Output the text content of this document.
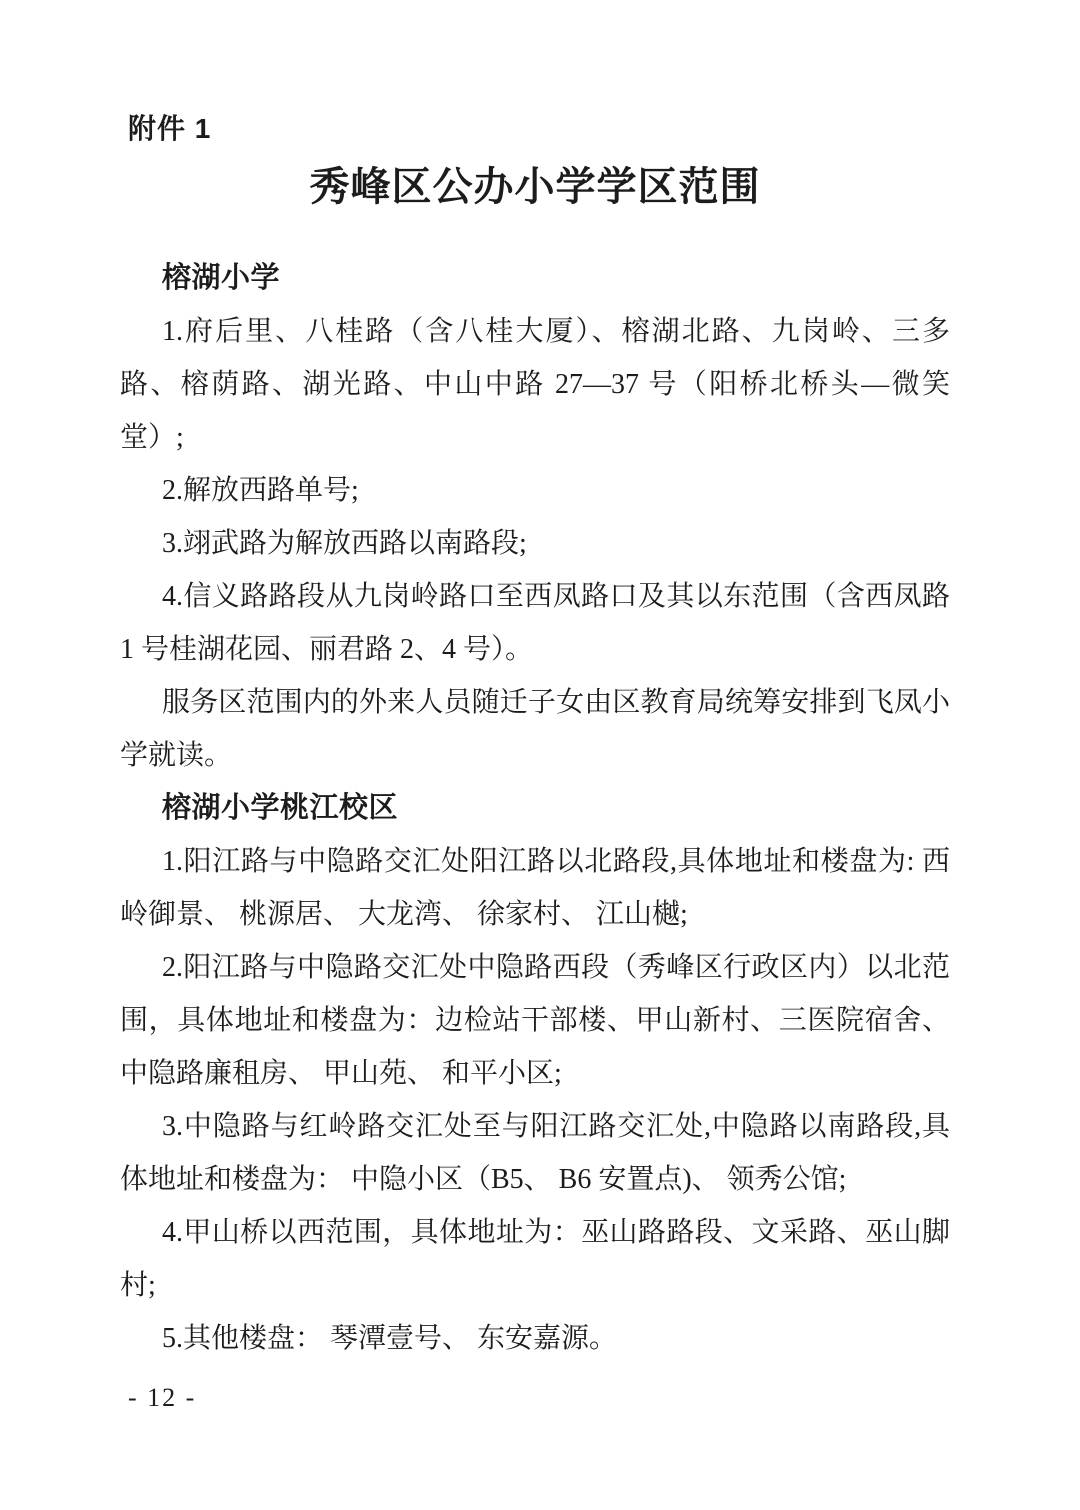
附件 1
秀峰区公办小学学区范围
榕湖小学

1.府后里、八桂路（含八桂大厦）、榕湖北路、九岗岭、三多路、榕荫路、湖光路、中山中路 27—37 号（阳桥北桥头—微笑堂）;

2.解放西路单号;

3.翊武路为解放西路以南路段;

4.信义路路段从九岗岭路口至西凤路口及其以东范围（含西凤路 1 号桂湖花园、丽君路 2、4 号）。

服务区范围内的外来人员随迁子女由区教育局统筹安排到飞凤小学就读。

榕湖小学桃江校区

1.阳江路与中隐路交汇处阳江路以北路段,具体地址和楼盘为: 西岭御景、 桃源居、 大龙湾、 徐家村、 江山樾;

2.阳江路与中隐路交汇处中隐路西段（秀峰区行政区内）以北范围，具体地址和楼盘为：边检站干部楼、甲山新村、三医院宿舍、中隐路廉租房、 甲山苑、 和平小区;

3.中隐路与红岭路交汇处至与阳江路交汇处,中隐路以南路段,具体地址和楼盘为： 中隐小区（B5、 B6 安置点)、 领秀公馆;

4.甲山桥以西范围，具体地址为：巫山路路段、文采路、巫山脚村;

5.其他楼盘： 琴潭壹号、 东安嘉源。

- 12 -
